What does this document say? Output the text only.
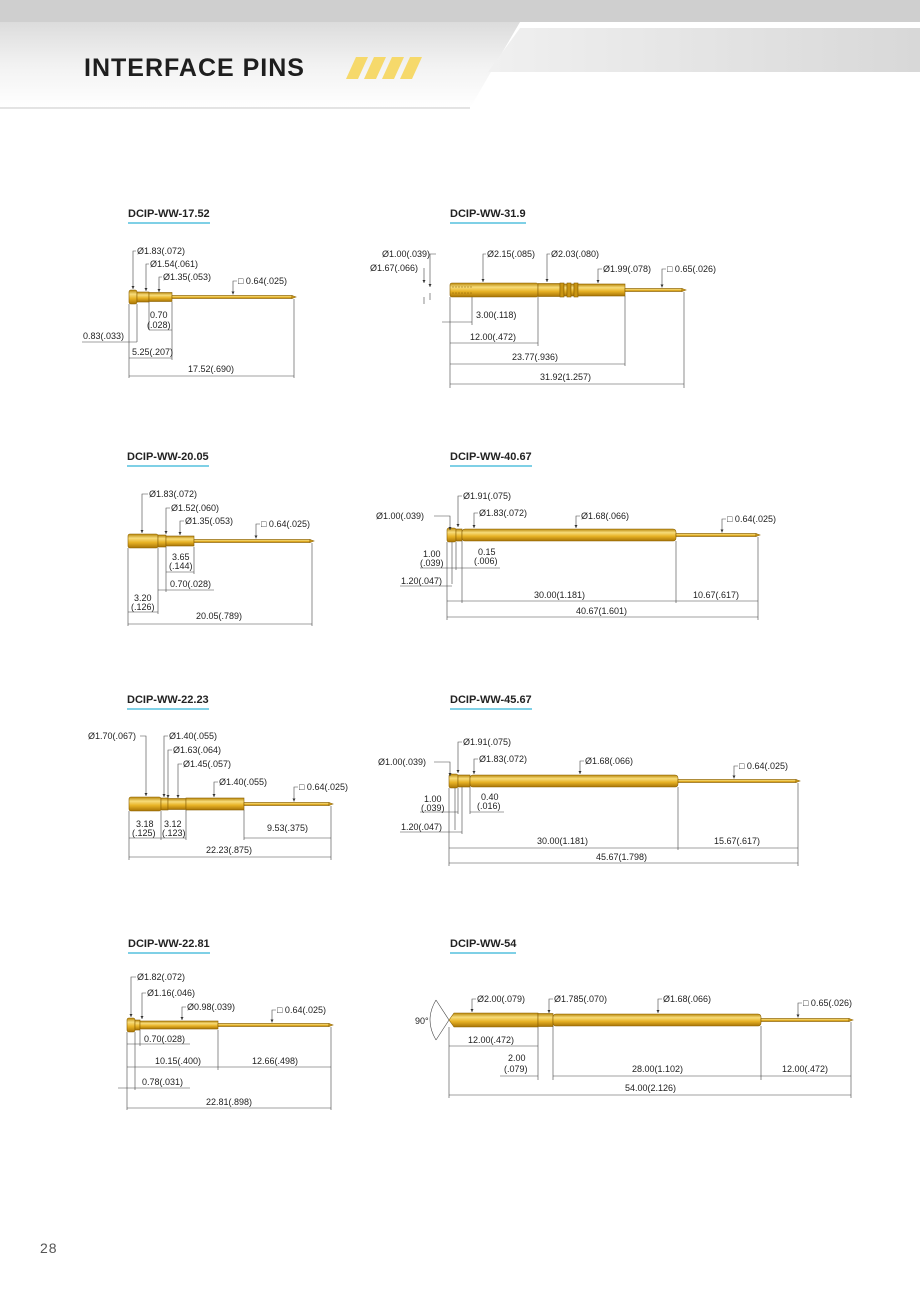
INTERFACE PINS
DCIP-WW-17.52	DCIP-WW-31.9
DCIP-WW-20.05	DCIP-WW-40.67
DCIP-WW-22.23	DCIP-WW-45.67
DCIP-WW-22.81	DCIP-WW-54
Ø1.83(.072)
Ø1.54(.061)
Ø1.35(.053)	□ 0.64(.025)
0.70
(.028)
0.83(.033)
5.25(.207)
17.52(.690)
Ø1.00(.039)
Ø1.67(.066)
Ø2.15(.085) Ø2.03(.080)
Ø1.99(.078) □ 0.65(.026)
3.00(.118)
12.00(.472)
23.77(.936)
31.92(1.257)
Ø1.83(.072)
Ø1.52(.060)
Ø1.35(.053)	□ 0.64(.025)
3.65
(.144)
0.70(.028)
3.20
(.126)
20.05(.789)
Ø1.91(.075)
Ø1.00(.039)	Ø1.83(.072)	Ø1.68(.066)	□ 0.64(.025)
1.00
(.039)
0.15
(.006)
1.20(.047)
30.00(1.181)	10.67(.617)
40.67(1.601)
Ø1.70(.067)	Ø1.40(.055)
Ø1.63(.064)
Ø1.45(.057)
Ø1.40(.055)	□ 0.64(.025)
3.18
(.125)
3.12
(.123)	9.53(.375)
22.23(.875)
Ø1.91(.075)
Ø1.00(.039)	Ø1.83(.072)	Ø1.68(.066)	□ 0.64(.025)
1.00
(.039)
0.40
(.016)
1.20(.047)
30.00(1.181)	15.67(.617)
45.67(1.798)
Ø1.82(.072)
Ø1.16(.046)
Ø0.98(.039)	□ 0.64(.025)
0.70(.028)
10.15(.400)	12.66(.498)
0.78(.031)
22.81(.898)
Ø2.00(.079)	Ø1.785(.070)	Ø1.68(.066)	□ 0.65(.026)
90°
12.00(.472)
2.00
(.079)	28.00(1.102)	12.00(.472)
54.00(2.126)
28
